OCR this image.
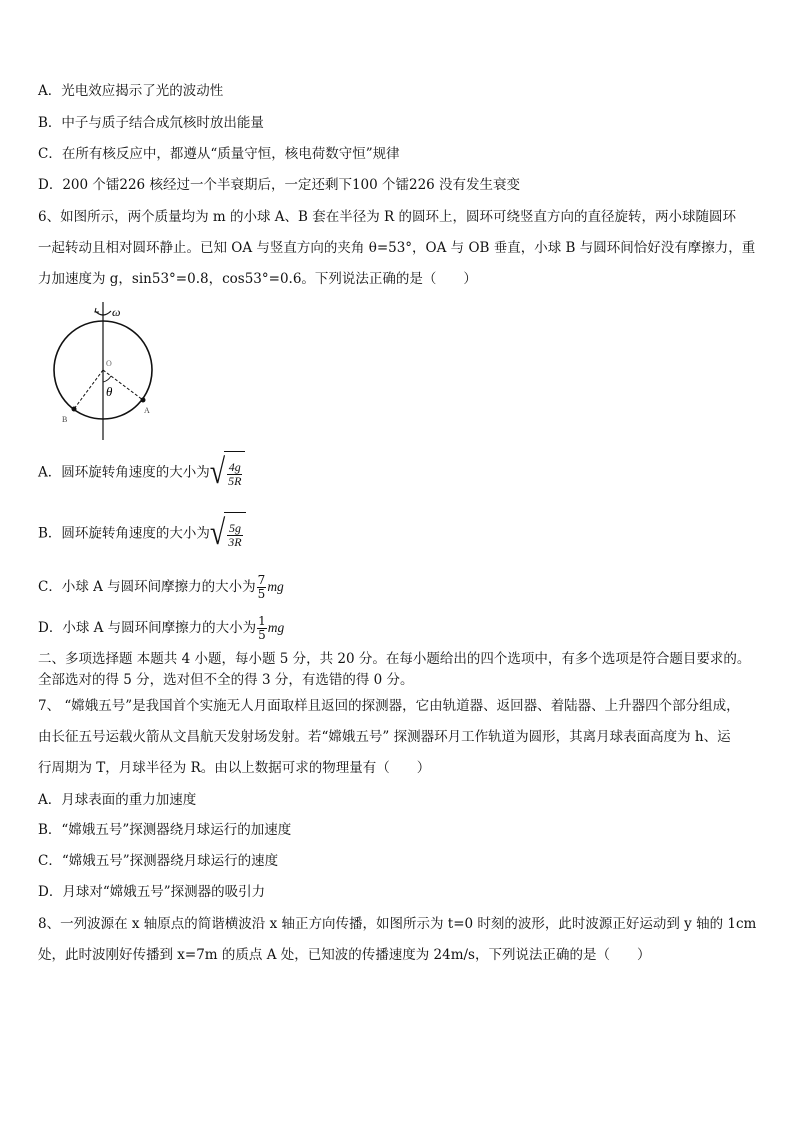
A．光电效应揭示了光的波动性
B．中子与质子结合成氘核时放出能量
C．在所有核反应中，都遵从“质量守恒，核电荷数守恒”规律
D．200 个镭226 核经过一个半衰期后，一定还剩下100 个镭226 没有发生衰变
6、如图所示，两个质量均为 m 的小球 A、B 套在半径为 R 的圆环上，圆环可绕竖直方向的直径旋转，两小球随圆环
一起转动且相对圆环静止。已知 OA 与竖直方向的夹角 θ=53°，OA 与 OB 垂直，小球 B 与圆环间恰好没有摩擦力，重
力加速度为 g，sin53°=0.8，cos53°=0.6。下列说法正确的是（　　）
ω
O
θ
A
B
A．圆环旋转角速度的大小为 √ $\frac{4g}{5R}$
B．圆环旋转角速度的大小为 √ $\frac{5g}{3R}$
C．小球 A 与圆环间摩擦力的大小为 $\frac{7}{5}$ mg
D．小球 A 与圆环间摩擦力的大小为 $\frac{1}{5}$ mg
二、多项选择题 本题共 4 小题，每小题 5 分，共 20 分。在每小题给出的四个选项中，有多个选项是符合题目要求的。
全部选对的得 5 分，选对但不全的得 3 分，有选错的得 0 分。
7、 “嫦娥五号”是我国首个实施无人月面取样且返回的探测器，它由轨道器、返回器、着陆器、上升器四个部分组成，
由长征五号运载火箭从文昌航天发射场发射。若“嫦娥五号” 探测器环月工作轨道为圆形，其离月球表面高度为 h、运
行周期为 T，月球半径为 R。由以上数据可求的物理量有（　　）
A．月球表面的重力加速度
B．“嫦娥五号”探测器绕月球运行的加速度
C．“嫦娥五号”探测器绕月球运行的速度
D．月球对“嫦娥五号”探测器的吸引力
8、一列波源在 x 轴原点的简谐横波沿 x 轴正方向传播，如图所示为 t=0 时刻的波形，此时波源正好运动到 y 轴的 1cm
处，此时波刚好传播到 x=7m 的质点 A 处，已知波的传播速度为 24m/s，下列说法正确的是（　　）
